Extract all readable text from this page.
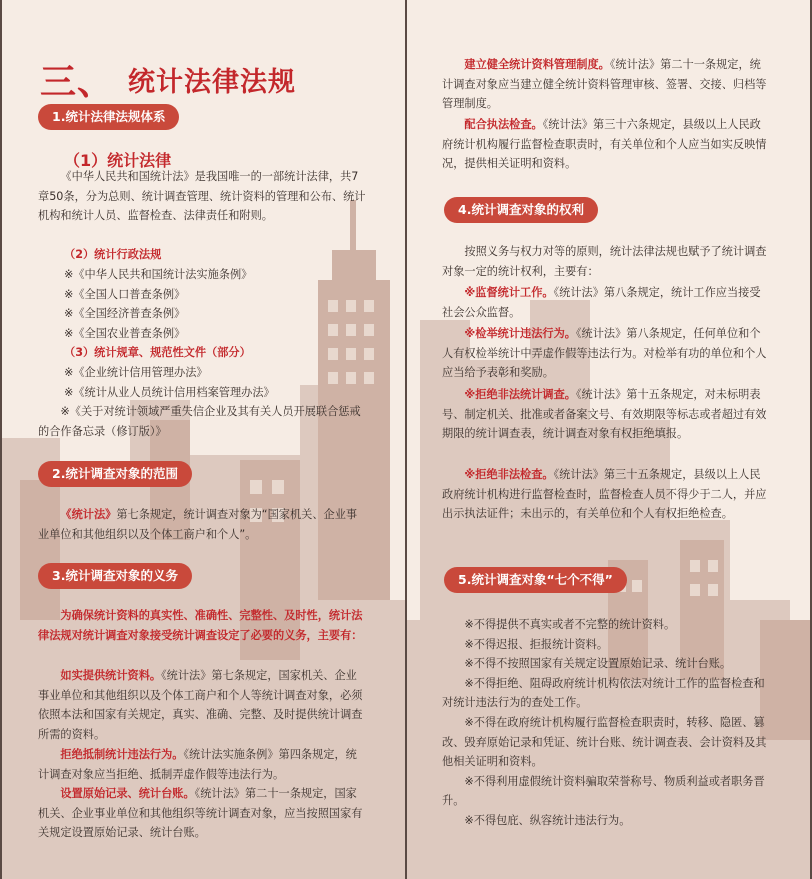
三、 统计法律法规
1.统计法律法规体系
（1）统计法律

《中华人民共和国统计法》是我国唯一的一部统计法律，共7章50条，分为总则、统计调查管理、统计资料的管理和公布、统计机构和统计人员、监督检查、法律责任和附则。

（2）统计行政法规
※《中华人民共和国统计法实施条例》
※《全国人口普查条例》
※《全国经济普查条例》
※《全国农业普查条例》
（3）统计规章、规范性文件（部分）
※《企业统计信用管理办法》
※《统计从业人员统计信用档案管理办法》

※《关于对统计领域严重失信企业及其有关人员开展联合惩戒的合作备忘录（修订版）》

2.统计调查对象的范围

《统计法》第七条规定，统计调查对象为“国家机关、企业事业单位和其他组织以及个体工商户和个人”。

3.统计调查对象的义务

为确保统计资料的真实性、准确性、完整性、及时性，统计法律法规对统计调查对象接受统计调查设定了必要的义务，主要有：

如实提供统计资料。《统计法》第七条规定，国家机关、企业事业单位和其他组织以及个体工商户和个人等统计调查对象，必须依照本法和国家有关规定，真实、准确、完整、及时提供统计调查所需的资料。

拒绝抵制统计违法行为。《统计法实施条例》第四条规定，统计调查对象应当拒绝、抵制弄虚作假等违法行为。

设置原始记录、统计台账。《统计法》第二十一条规定，国家机关、企业事业单位和其他组织等统计调查对象，应当按照国家有关规定设置原始记录、统计台账。

建立健全统计资料管理制度。《统计法》第二十一条规定，统计调查对象应当建立健全统计资料管理审核、签署、交接、归档等管理制度。

配合执法检查。《统计法》第三十六条规定，县级以上人民政府统计机构履行监督检查职责时，有关单位和个人应当如实反映情况，提供相关证明和资料。

4.统计调查对象的权利

按照义务与权力对等的原则，统计法律法规也赋予了统计调查对象一定的统计权利，主要有：

※监督统计工作。《统计法》第八条规定，统计工作应当接受社会公众监督。

※检举统计违法行为。《统计法》第八条规定，任何单位和个人有权检举统计中弄虚作假等违法行为。对检举有功的单位和个人应当给予表彰和奖励。

※拒绝非法统计调查。《统计法》第十五条规定，对未标明表号、制定机关、批准或者备案文号、有效期限等标志或者超过有效期限的统计调查表，统计调查对象有权拒绝填报。

※拒绝非法检查。《统计法》第三十五条规定，县级以上人民政府统计机构进行监督检查时，监督检查人员不得少于二人，并应出示执法证件；未出示的，有关单位和个人有权拒绝检查。

5.统计调查对象“七个不得”
※不得提供不真实或者不完整的统计资料。
※不得迟报、拒报统计资料。
※不得不按照国家有关规定设置原始记录、统计台账。
※不得拒绝、阻碍政府统计机构依法对统计工作的监督检查和对统计违法行为的查处工作。
※不得在政府统计机构履行监督检查职责时，转移、隐匿、篡改、毁弃原始记录和凭证、统计台账、统计调查表、会计资料及其他相关证明和资料。
※不得利用虚假统计资料骗取荣誉称号、物质利益或者职务晋升。
※不得包庇、纵容统计违法行为。
